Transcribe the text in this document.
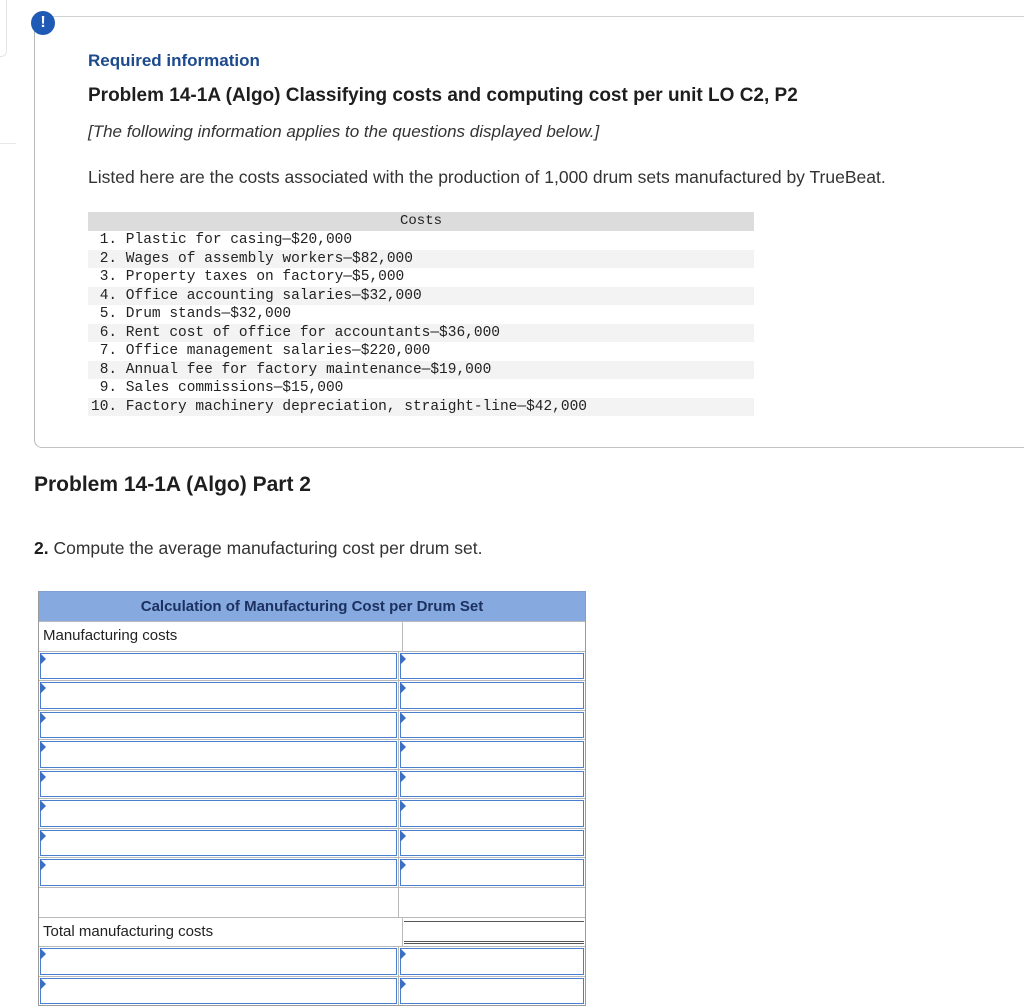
!
Required information
Problem 14-1A (Algo) Classifying costs and computing cost per unit LO C2, P2
[The following information applies to the questions displayed below.]
Listed here are the costs associated with the production of 1,000 drum sets manufactured by TrueBeat.
Costs
1. Plastic for casing—$20,000
2. Wages of assembly workers—$82,000
3. Property taxes on factory—$5,000
4. Office accounting salaries—$32,000
5. Drum stands—$32,000
6. Rent cost of office for accountants—$36,000
7. Office management salaries—$220,000
8. Annual fee for factory maintenance—$19,000
9. Sales commissions—$15,000
10. Factory machinery depreciation, straight-line—$42,000
Problem 14-1A (Algo) Part 2
2. Compute the average manufacturing cost per drum set.
Calculation of Manufacturing Cost per Drum Set
Manufacturing costs
Total manufacturing costs
